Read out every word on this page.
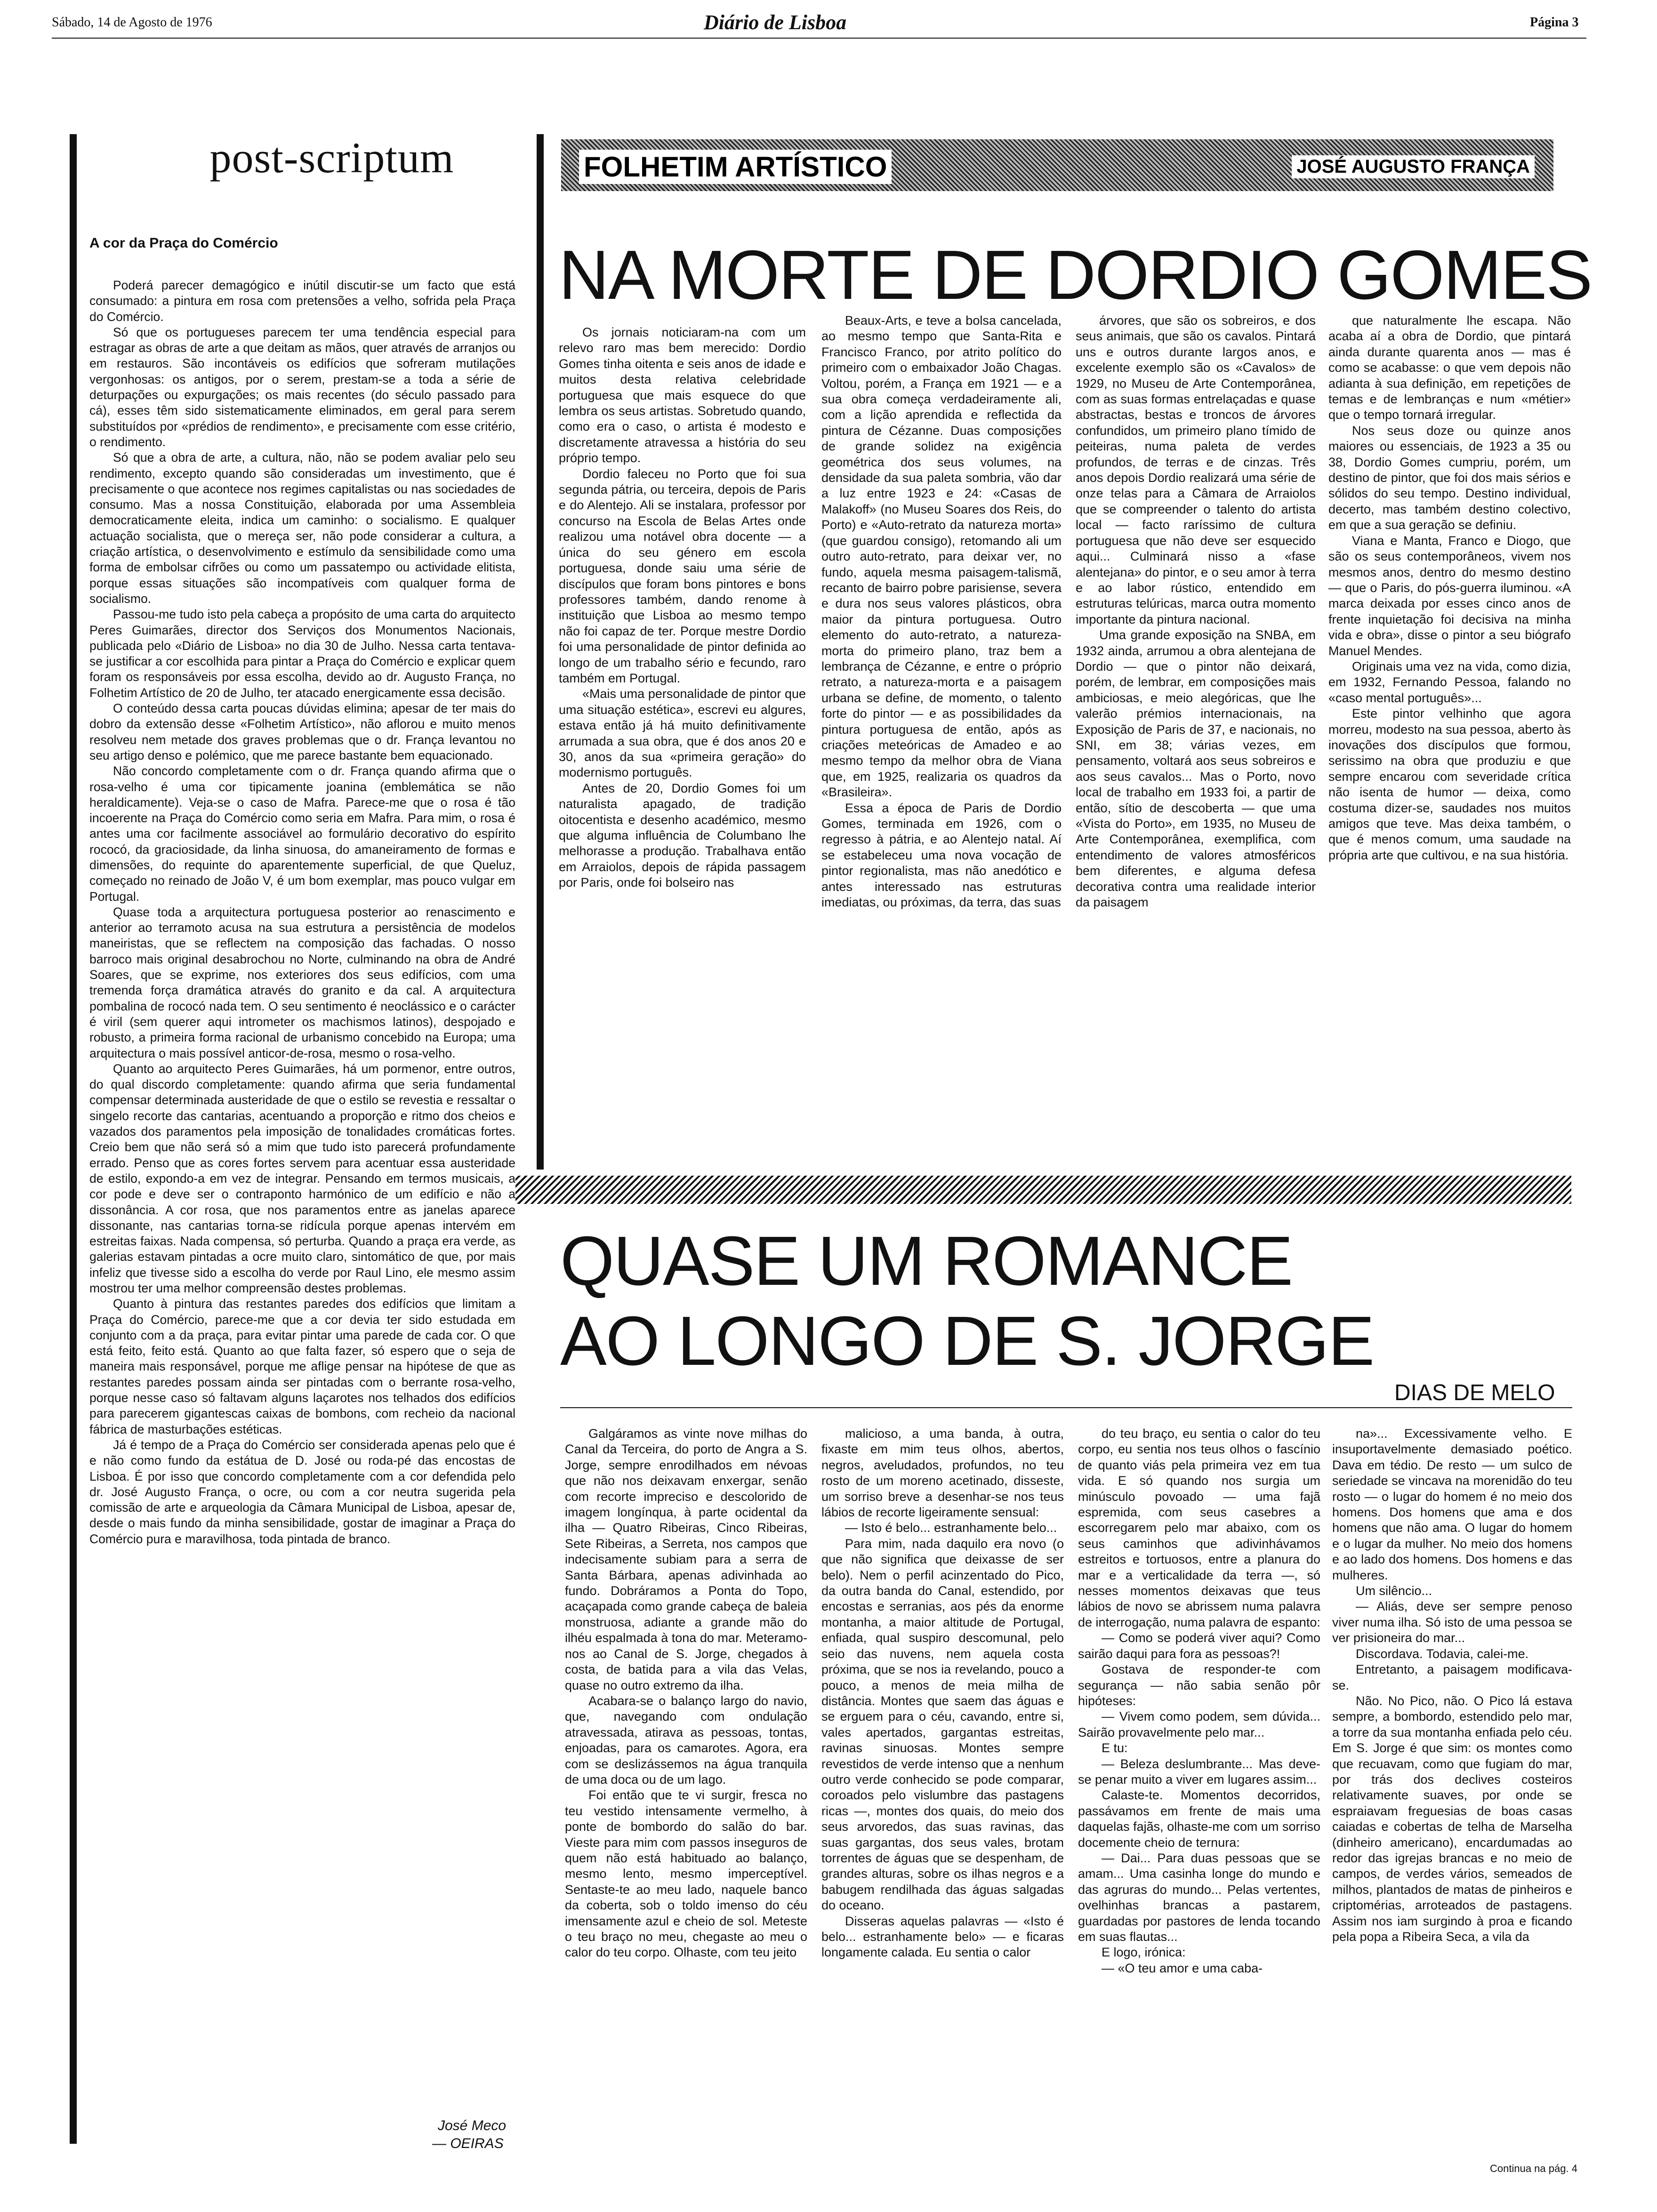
Sábado, 14 de Agosto de 1976	Diário de Lisboa	Página 3
post-scriptum
A cor da Praça do Comércio

Poderá parecer demagógico e inútil discutir-se um facto que está consumado: a pintura em rosa com pretensões a velho, sofrida pela Praça do Comércio.

Só que os portugueses parecem ter uma tendência especial para estragar as obras de arte a que deitam as mãos, quer através de arranjos ou em restauros. São incontáveis os edifícios que sofreram mutilações vergonhosas: os antigos, por o serem, prestam-se a toda a série de deturpações ou expurgações; os mais recentes (do século passado para cá), esses têm sido sistematicamente eliminados, em geral para serem substituídos por «prédios de rendimento», e precisamente com esse critério, o rendimento.

Só que a obra de arte, a cultura, não, não se podem avaliar pelo seu rendimento, excepto quando são consideradas um investimento, que é precisamente o que acontece nos regimes capitalistas ou nas sociedades de consumo. Mas a nossa Constituição, elaborada por uma Assembleia democraticamente eleita, indica um caminho: o socialismo. E qualquer actuação socialista, que o mereça ser, não pode considerar a cultura, a criação artística, o desenvolvimento e estímulo da sensibilidade como uma forma de embolsar cifrões ou como um passatempo ou actividade elitista, porque essas situações são incompatíveis com qualquer forma de socialismo.

Passou-me tudo isto pela cabeça a propósito de uma carta do arquitecto Peres Guimarães, director dos Serviços dos Monumentos Nacionais, publicada pelo «Diário de Lisboa» no dia 30 de Julho. Nessa carta tentava-se justificar a cor escolhida para pintar a Praça do Comércio e explicar quem foram os responsáveis por essa escolha, devido ao dr. Augusto França, no Folhetim Artístico de 20 de Julho, ter atacado energicamente essa decisão.

O conteúdo dessa carta poucas dúvidas elimina; apesar de ter mais do dobro da extensão desse «Folhetim Artístico», não aflorou e muito menos resolveu nem metade dos graves problemas que o dr. França levantou no seu artigo denso e polémico, que me parece bastante bem equacionado.

Não concordo completamente com o dr. França quando afirma que o rosa-velho é uma cor tipicamente joanina (emblemática se não heraldicamente). Veja-se o caso de Mafra. Parece-me que o rosa é tão incoerente na Praça do Comércio como seria em Mafra. Para mim, o rosa é antes uma cor facilmente associável ao formulário decorativo do espírito rococó, da graciosidade, da linha sinuosa, do amaneiramento de formas e dimensões, do requinte do aparentemente superficial, de que Queluz, começado no reinado de João V, é um bom exemplar, mas pouco vulgar em Portugal.

Quase toda a arquitectura portuguesa posterior ao renascimento e anterior ao terramoto acusa na sua estrutura a persistência de modelos maneiristas, que se reflectem na composição das fachadas. O nosso barroco mais original desabrochou no Norte, culminando na obra de André Soares, que se exprime, nos exteriores dos seus edifícios, com uma tremenda força dramática através do granito e da cal. A arquitectura pombalina de rococó nada tem. O seu sentimento é neoclássico e o carácter é viril (sem querer aqui intrometer os machismos latinos), despojado e robusto, a primeira forma racional de urbanismo concebido na Europa; uma arquitectura o mais possível anticor-de-rosa, mesmo o rosa-velho.

Quanto ao arquitecto Peres Guimarães, há um pormenor, entre outros, do qual discordo completamente: quando afirma que seria fundamental compensar determinada austeridade de que o estilo se revestia e ressaltar o singelo recorte das cantarias, acentuando a proporção e ritmo dos cheios e vazados dos paramentos pela imposição de tonalidades cromáticas fortes. Creio bem que não será só a mim que tudo isto parecerá profundamente errado. Penso que as cores fortes servem para acentuar essa austeridade de estilo, expondo-a em vez de integrar. Pensando em termos musicais, a cor pode e deve ser o contraponto harmónico de um edifício e não a dissonância. A cor rosa, que nos paramentos entre as janelas aparece dissonante, nas cantarias torna-se ridícula porque apenas intervém em estreitas faixas. Nada compensa, só perturba. Quando a praça era verde, as galerias estavam pintadas a ocre muito claro, sintomático de que, por mais infeliz que tivesse sido a escolha do verde por Raul Lino, ele mesmo assim mostrou ter uma melhor compreensão destes problemas.

Quanto à pintura das restantes paredes dos edifícios que limitam a Praça do Comércio, parece-me que a cor devia ter sido estudada em conjunto com a da praça, para evitar pintar uma parede de cada cor. O que está feito, feito está. Quanto ao que falta fazer, só espero que o seja de maneira mais responsável, porque me aflige pensar na hipótese de que as restantes paredes possam ainda ser pintadas com o berrante rosa-velho, porque nesse caso só faltavam alguns laçarotes nos telhados dos edifícios para parecerem gigantescas caixas de bombons, com recheio da nacional fábrica de masturbações estéticas.

Já é tempo de a Praça do Comércio ser considerada apenas pelo que é e não como fundo da estátua de D. José ou roda-pé das encostas de Lisboa. É por isso que concordo completamente com a cor defendida pelo dr. José Augusto França, o ocre, ou com a cor neutra sugerida pela comissão de arte e arqueologia da Câmara Municipal de Lisboa, apesar de, desde o mais fundo da minha sensibilidade, gostar de imaginar a Praça do Comércio pura e maravilhosa, toda pintada de branco.

José Meco
— OEIRAS
FOLHETIM ARTÍSTICO	JOSÉ AUGUSTO FRANÇA
NA MORTE DE DORDIO GOMES

Os jornais noticiaram-na com um relevo raro mas bem merecido: Dordio Gomes tinha oitenta e seis anos de idade e muitos desta relativa celebridade portuguesa que mais esquece do que lembra os seus artistas. Sobretudo quando, como era o caso, o artista é modesto e discretamente atravessa a história do seu próprio tempo.

Dordio faleceu no Porto que foi sua segunda pátria, ou terceira, depois de Paris e do Alentejo. Ali se instalara, professor por concurso na Escola de Belas Artes onde realizou uma notável obra docente — a única do seu género em escola portuguesa, donde saiu uma série de discípulos que foram bons pintores e bons professores também, dando renome à instituição que Lisboa ao mesmo tempo não foi capaz de ter. Porque mestre Dordio foi uma personalidade de pintor definida ao longo de um trabalho sério e fecundo, raro também em Portugal.

«Mais uma personalidade de pintor que uma situação estética», escrevi eu algures, estava então já há muito definitivamente arrumada a sua obra, que é dos anos 20 e 30, anos da sua «primeira geração» do modernismo português.

Antes de 20, Dordio Gomes foi um naturalista apagado, de tradição oitocentista e desenho académico, mesmo que alguma influência de Columbano lhe melhorasse a produção. Trabalhava então em Arraiolos, depois de rápida passagem por Paris, onde foi bolseiro nas

Beaux-Arts, e teve a bolsa cancelada, ao mesmo tempo que Santa-Rita e Francisco Franco, por atrito político do primeiro com o embaixador João Chagas. Voltou, porém, a França em 1921 — e a sua obra começa verdadeiramente ali, com a lição aprendida e reflectida da pintura de Cézanne. Duas composições de grande solidez na exigência geométrica dos seus volumes, na densidade da sua paleta sombria, vão dar a luz entre 1923 e 24: «Casas de Malakoff» (no Museu Soares dos Reis, do Porto) e «Auto-retrato da natureza morta» (que guardou consigo), retomando ali um outro auto-retrato, para deixar ver, no fundo, aquela mesma paisagem-talismã, recanto de bairro pobre parisiense, severa e dura nos seus valores plásticos, obra maior da pintura portuguesa. Outro elemento do auto-retrato, a natureza-morta do primeiro plano, traz bem a lembrança de Cézanne, e entre o próprio retrato, a natureza-morta e a paisagem urbana se define, de momento, o talento forte do pintor — e as possibilidades da pintura portuguesa de então, após as criações meteóricas de Amadeo e ao mesmo tempo da melhor obra de Viana que, em 1925, realizaria os quadros da «Brasileira».

Essa a época de Paris de Dordio Gomes, terminada em 1926, com o regresso à pátria, e ao Alentejo natal. Aí se estabeleceu uma nova vocação de pintor regionalista, mas não anedótico e antes interessado nas estruturas imediatas, ou próximas, da terra, das suas

árvores, que são os sobreiros, e dos seus animais, que são os cavalos. Pintará uns e outros durante largos anos, e excelente exemplo são os «Cavalos» de 1929, no Museu de Arte Contemporânea, com as suas formas entrelaçadas e quase abstractas, bestas e troncos de árvores confundidos, um primeiro plano tímido de peiteiras, numa paleta de verdes profundos, de terras e de cinzas. Três anos depois Dordio realizará uma série de onze telas para a Câmara de Arraiolos que se compreender o talento do artista local — facto raríssimo de cultura portuguesa que não deve ser esquecido aqui... Culminará nisso a «fase alentejana» do pintor, e o seu amor à terra e ao labor rústico, entendido em estruturas telúricas, marca outra momento importante da pintura nacional.

Uma grande exposição na SNBA, em 1932 ainda, arrumou a obra alentejana de Dordio — que o pintor não deixará, porém, de lembrar, em composições mais ambiciosas, e meio alegóricas, que lhe valerão prémios internacionais, na Exposição de Paris de 37, e nacionais, no SNI, em 38; várias vezes, em pensamento, voltará aos seus sobreiros e aos seus cavalos... Mas o Porto, novo local de trabalho em 1933 foi, a partir de então, sítio de descoberta — que uma «Vista do Porto», em 1935, no Museu de Arte Contemporânea, exemplifica, com entendimento de valores atmosféricos bem diferentes, e alguma defesa decorativa contra uma realidade interior da paisagem

que naturalmente lhe escapa. Não acaba aí a obra de Dordio, que pintará ainda durante quarenta anos — mas é como se acabasse: o que vem depois não adianta à sua definição, em repetições de temas e de lembranças e num «métier» que o tempo tornará irregular.

Nos seus doze ou quinze anos maiores ou essenciais, de 1923 a 35 ou 38, Dordio Gomes cumpriu, porém, um destino de pintor, que foi dos mais sérios e sólidos do seu tempo. Destino individual, decerto, mas também destino colectivo, em que a sua geração se definiu.

Viana e Manta, Franco e Diogo, que são os seus contemporâneos, vivem nos mesmos anos, dentro do mesmo destino — que o Paris, do pós-guerra iluminou. «A marca deixada por esses cinco anos de frente inquietação foi decisiva na minha vida e obra», disse o pintor a seu biógrafo Manuel Mendes.

Originais uma vez na vida, como dizia, em 1932, Fernando Pessoa, falando no «caso mental português»...

Este pintor velhinho que agora morreu, modesto na sua pessoa, aberto às inovações dos discípulos que formou, serissimo na obra que produziu e que sempre encarou com severidade crítica não isenta de humor — deixa, como costuma dizer-se, saudades nos muitos amigos que teve. Mas deixa também, o que é menos comum, uma saudade na própria arte que cultivou, e na sua história.

QUASE UM ROMANCE
AO LONGO DE S. JORGE
DIAS DE MELO

Galgáramos as vinte nove milhas do Canal da Terceira, do porto de Angra a S. Jorge, sempre enrodilhados em névoas que não nos deixavam enxergar, senão com recorte impreciso e descolorido de imagem longínqua, à parte ocidental da ilha — Quatro Ribeiras, Cinco Ribeiras, Sete Ribeiras, a Serreta, nos campos que indecisamente subiam para a serra de Santa Bárbara, apenas adivinhada ao fundo. Dobráramos a Ponta do Topo, acaçapada como grande cabeça de baleia monstruosa, adiante a grande mão do ilhéu espalmada à tona do mar. Meteramo-nos ao Canal de S. Jorge, chegados à costa, de batida para a vila das Velas, quase no outro extremo da ilha.

Acabara-se o balanço largo do navio, que, navegando com ondulação atravessada, atirava as pessoas, tontas, enjoadas, para os camarotes. Agora, era com se deslizássemos na água tranquila de uma doca ou de um lago.

Foi então que te vi surgir, fresca no teu vestido intensamente vermelho, à ponte de bombordo do salão do bar. Vieste para mim com passos inseguros de quem não está habituado ao balanço, mesmo lento, mesmo imperceptível. Sentaste-te ao meu lado, naquele banco da coberta, sob o toldo imenso do céu imensamente azul e cheio de sol. Meteste o teu braço no meu, chegaste ao meu o calor do teu corpo. Olhaste, com teu jeito

malicioso, a uma banda, à outra, fixaste em mim teus olhos, abertos, negros, aveludados, profundos, no teu rosto de um moreno acetinado, disseste, um sorriso breve a desenhar-se nos teus lábios de recorte ligeiramente sensual:

— Isto é belo... estranhamente belo...

Para mim, nada daquilo era novo (o que não significa que deixasse de ser belo). Nem o perfil acinzentado do Pico, da outra banda do Canal, estendido, por encostas e serranias, aos pés da enorme montanha, a maior altitude de Portugal, enfiada, qual suspiro descomunal, pelo seio das nuvens, nem aquela costa próxima, que se nos ia revelando, pouco a pouco, a menos de meia milha de distância. Montes que saem das águas e se erguem para o céu, cavando, entre si, vales apertados, gargantas estreitas, ravinas sinuosas. Montes sempre revestidos de verde intenso que a nenhum outro verde conhecido se pode comparar, coroados pelo vislumbre das pastagens ricas —, montes dos quais, do meio dos seus arvoredos, das suas ravinas, das suas gargantas, dos seus vales, brotam torrentes de águas que se despenham, de grandes alturas, sobre os ilhas negros e a babugem rendilhada das águas salgadas do oceano.

Disseras aquelas palavras — «Isto é belo... estranhamente belo» — e ficaras longamente calada. Eu sentia o calor

do teu braço, eu sentia o calor do teu corpo, eu sentia nos teus olhos o fascínio de quanto viás pela primeira vez em tua vida. E só quando nos surgia um minúsculo povoado — uma fajã espremida, com seus casebres a escorregarem pelo mar abaixo, com os seus caminhos que adivinhávamos estreitos e tortuosos, entre a planura do mar e a verticalidade da terra —, só nesses momentos deixavas que teus lábios de novo se abrissem numa palavra de interrogação, numa palavra de espanto:

— Como se poderá viver aqui? Como sairão daqui para fora as pessoas?!

Gostava de responder-te com segurança — não sabia senão pôr hipóteses:

— Vivem como podem, sem dúvida... Sairão provavelmente pelo mar...

E tu:

— Beleza deslumbrante... Mas deve-se penar muito a viver em lugares assim...

Calaste-te. Momentos decorridos, passávamos em frente de mais uma daquelas fajãs, olhaste-me com um sorriso docemente cheio de ternura:

— Dai... Para duas pessoas que se amam... Uma casinha longe do mundo e das agruras do mundo... Pelas vertentes, ovelhinhas brancas a pastarem, guardadas por pastores de lenda tocando em suas flautas...

E logo, irónica:

— «O teu amor e uma caba-

na»... Excessivamente velho. E insuportavelmente demasiado poético. Dava em tédio. De resto — um sulco de seriedade se vincava na morenidão do teu rosto — o lugar do homem é no meio dos homens. Dos homens que ama e dos homens que não ama. O lugar do homem e o lugar da mulher. No meio dos homens e ao lado dos homens. Dos homens e das mulheres.

Um silêncio...

— Aliás, deve ser sempre penoso viver numa ilha. Só isto de uma pessoa se ver prisioneira do mar...

Discordava. Todavia, calei-me.

Entretanto, a paisagem modificava-se.

Não. No Pico, não. O Pico lá estava sempre, a bombordo, estendido pelo mar, a torre da sua montanha enfiada pelo céu. Em S. Jorge é que sim: os montes como que recuavam, como que fugiam do mar, por trás dos declives costeiros relativamente suaves, por onde se espraiavam freguesias de boas casas caiadas e cobertas de telha de Marselha (dinheiro americano), encardumadas ao redor das igrejas brancas e no meio de campos, de verdes vários, semeados de milhos, plantados de matas de pinheiros e criptomérias, arroteados de pastagens. Assim nos iam surgindo à proa e ficando pela popa a Ribeira Seca, a vila da

Continua na pág. 4
